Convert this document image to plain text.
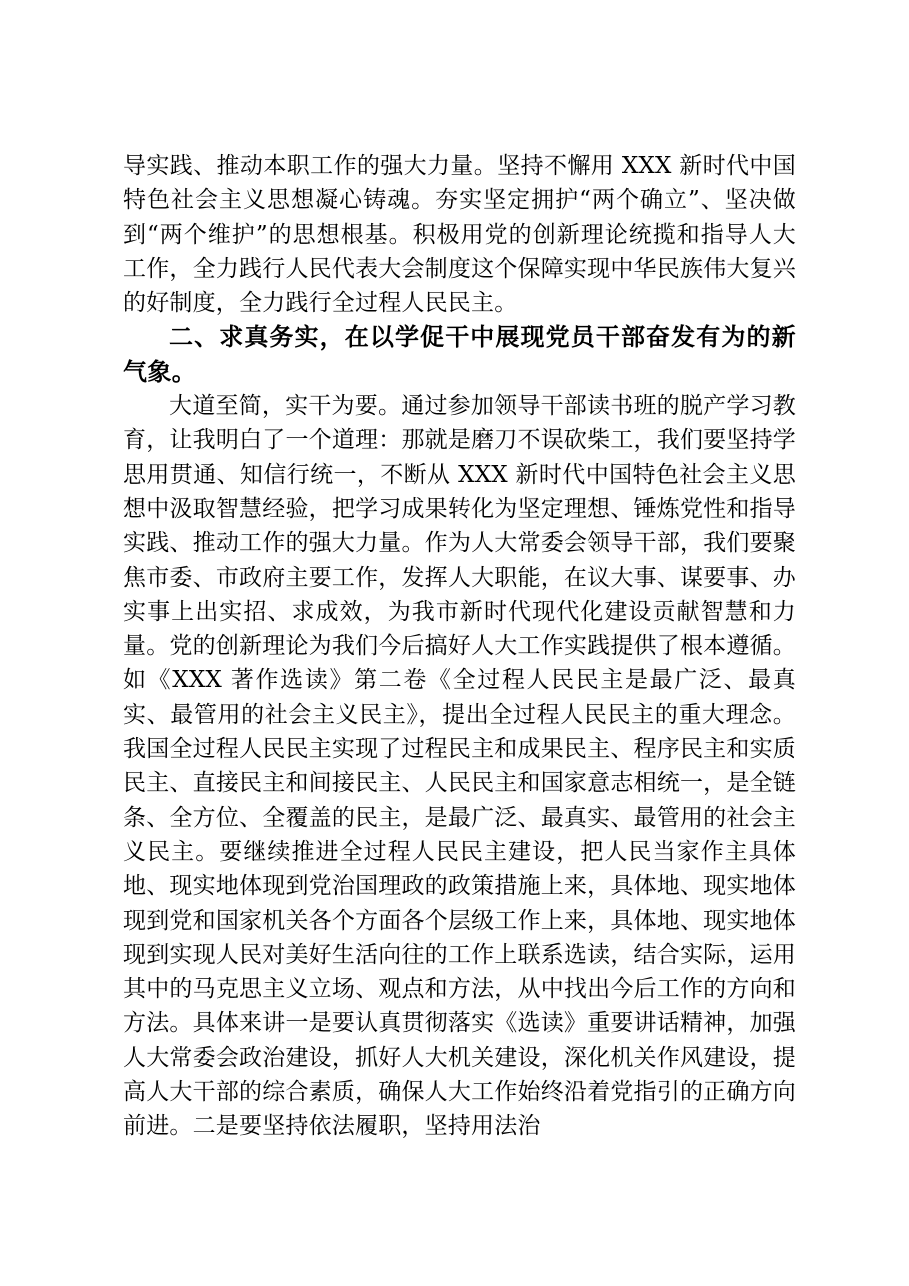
导实践、推动本职工作的强大力量。坚持不懈用 XXX 新时代中国特色社会主义思想凝心铸魂。夯实坚定拥护“两个确立”、坚决做到“两个维护”的思想根基。积极用党的创新理论统揽和指导人大工作，全力践行人民代表大会制度这个保障实现中华民族伟大复兴的好制度，全力践行全过程人民民主。

二、求真务实，在以学促干中展现党员干部奋发有为的新气象。

大道至简，实干为要。通过参加领导干部读书班的脱产学习教育，让我明白了一个道理：那就是磨刀不误砍柴工，我们要坚持学思用贯通、知信行统一，不断从 XXX 新时代中国特色社会主义思想中汲取智慧经验，把学习成果转化为坚定理想、锤炼党性和指导实践、推动工作的强大力量。作为人大常委会领导干部，我们要聚焦市委、市政府主要工作，发挥人大职能，在议大事、谋要事、办实事上出实招、求成效，为我市新时代现代化建设贡献智慧和力量。党的创新理论为我们今后搞好人大工作实践提供了根本遵循。如《XXX 著作选读》第二卷《全过程人民民主是最广泛、最真实、最管用的社会主义民主》，提出全过程人民民主的重大理念。我国全过程人民民主实现了过程民主和成果民主、程序民主和实质民主、直接民主和间接民主、人民民主和国家意志相统一，是全链条、全方位、全覆盖的民主，是最广泛、最真实、最管用的社会主义民主。要继续推进全过程人民民主建设，把人民当家作主具体地、现实地体现到党治国理政的政策措施上来，具体地、现实地体现到党和国家机关各个方面各个层级工作上来，具体地、现实地体现到实现人民对美好生活向往的工作上联系选读，结合实际，运用其中的马克思主义立场、观点和方法，从中找出今后工作的方向和方法。具体来讲一是要认真贯彻落实《选读》重要讲话精神，加强人大常委会政治建设，抓好人大机关建设，深化机关作风建设，提高人大干部的综合素质，确保人大工作始终沿着党指引的正确方向前进。二是要坚持依法履职，坚持用法治
